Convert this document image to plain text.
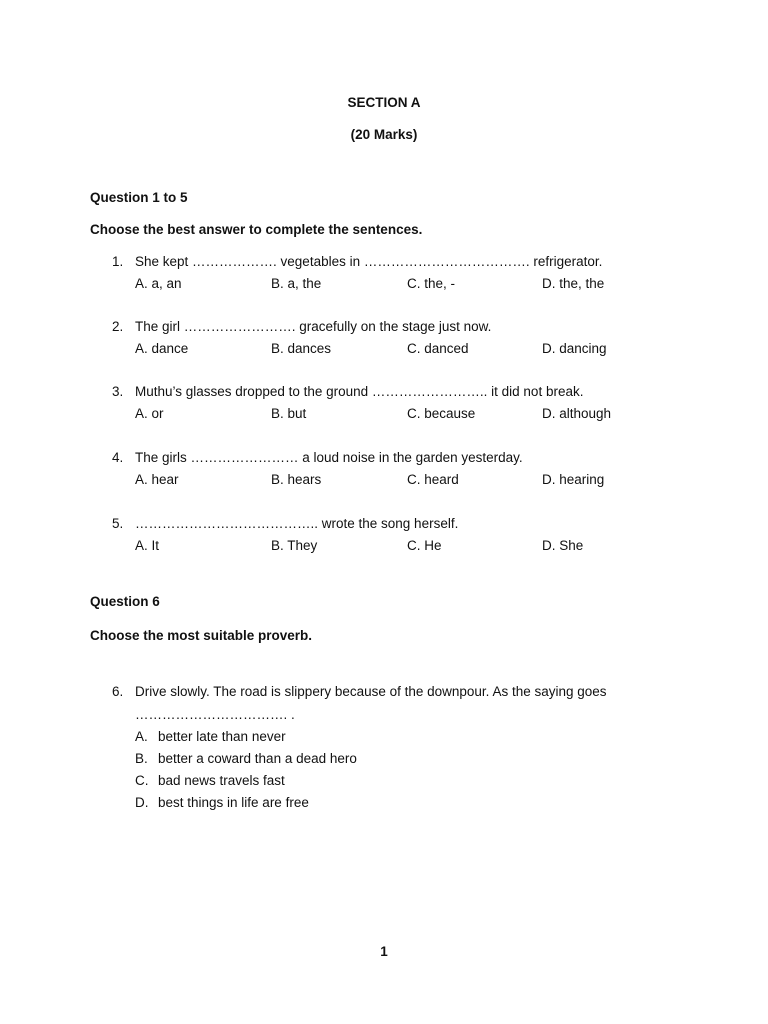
SECTION A
(20 Marks)
Question 1 to 5
Choose the best answer to complete the sentences.
1. She kept ………………. vegetables in ………………………………. refrigerator.
A. a, an	B. a, the	C. the, -	D. the, the
2. The girl ……………………. gracefully on the stage just now.
A. dance	B. dances	C. danced	D. dancing
3. Muthu’s glasses dropped to the ground …………………….. it did not break.
A. or	B. but	C. because	D. although
4. The girls …………………… a loud noise in the garden yesterday.
A. hear	B. hears	C. heard	D. hearing
5. ………………………………….. wrote the song herself.
A. It	B. They	C. He	D. She
Question 6
Choose the most suitable proverb.
6. Drive slowly. The road is slippery because of the downpour. As the saying goes
……………………………. .
A. better late than never
B. better a coward than a dead hero
C. bad news travels fast
D. best things in life are free
1
